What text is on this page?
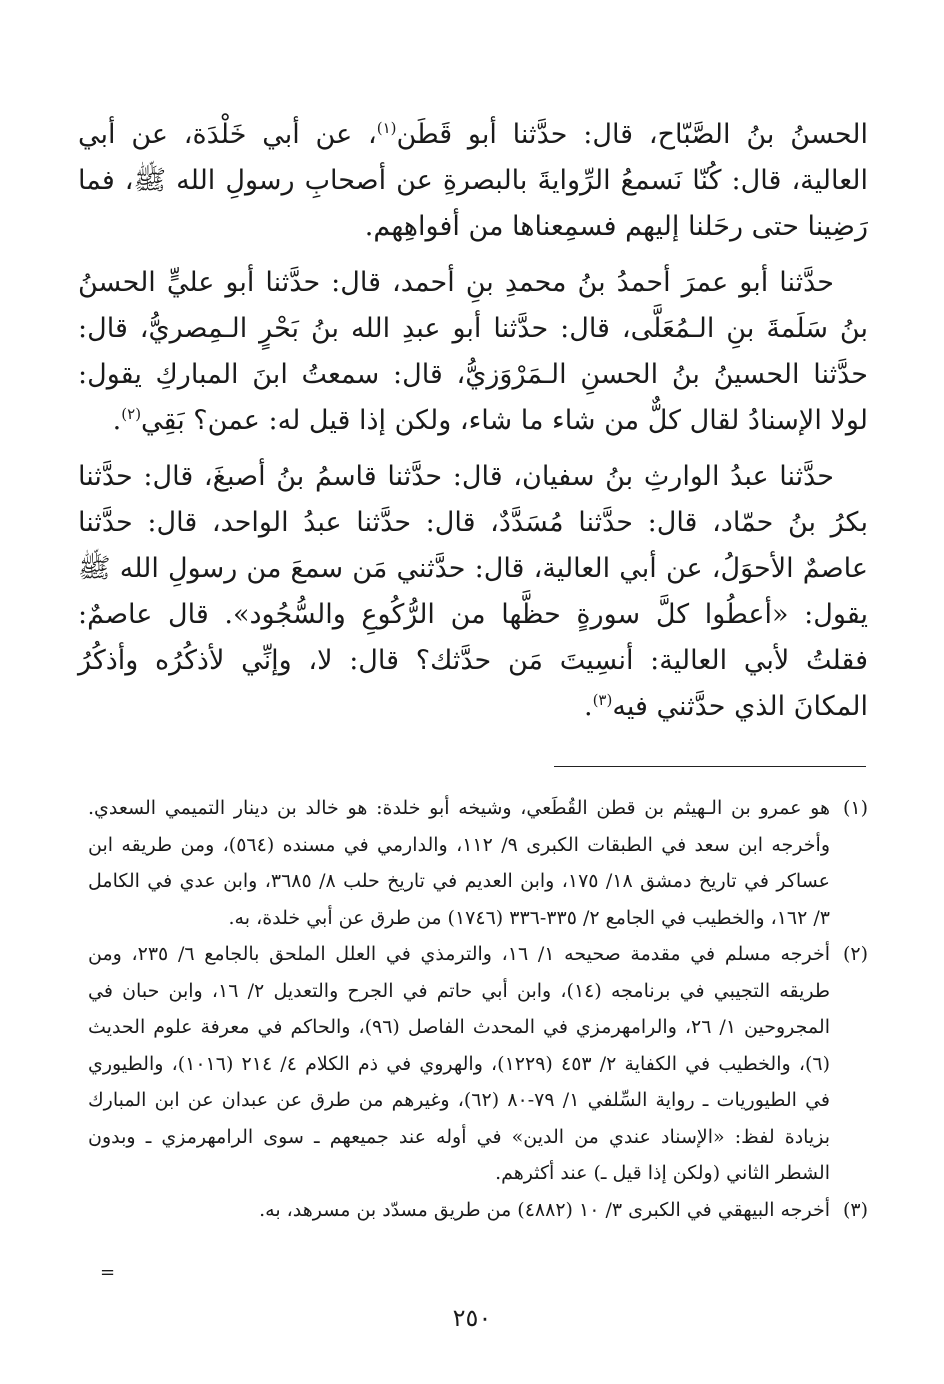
الحسنُ بنُ الصَّبّاح، قال: حدَّثنا أبو قَطَن$^{(١)}$، عن أبي خَلْدَة، عن أبي العالية، قال: كُنّا نَسمعُ الرِّوايةَ بالبصرةِ عن أصحابِ رسولِ الله ﷺ، فما رَضِينا حتى رحَلنا إليهم فسمِعناها من أفواهِهم.

حدَّثنا أبو عمرَ أحمدُ بنُ محمدِ بنِ أحمد، قال: حدَّثنا أبو عليٍّ الحسنُ بنُ سَلَمةَ بنِ الـمُعَلَّى، قال: حدَّثنا أبو عبدِ الله بنُ بَحْرٍ الـمِصريُّ، قال: حدَّثنا الحسينُ بنُ الحسنِ الـمَرْوَزيُّ، قال: سمعتُ ابنَ المباركِ يقول: لولا الإسنادُ لقال كلٌّ من شاء ما شاء، ولكن إذا قيل له: عمن؟ بَقِي$^{(٢)}$.

حدَّثنا عبدُ الوارثِ بنُ سفيان، قال: حدَّثنا قاسمُ بنُ أصبغَ، قال: حدَّثنا بكرُ بنُ حمّاد، قال: حدَّثنا مُسَدَّدٌ، قال: حدَّثنا عبدُ الواحد، قال: حدَّثنا عاصمٌ الأحوَلُ، عن أبي العالية، قال: حدَّثني مَن سمعَ من رسولِ الله ﷺ يقول: «أعطُوا كلَّ سورةٍ حظَّها من الرُّكُوعِ والسُّجُود». قال عاصمٌ: فقلتُ لأبي العالية: أنسِيتَ مَن حدَّثك؟ قال: لا، وإنِّي لأذكُرُه وأذكُرُ المكانَ الذي حدَّثني فيه$^{(٣)}$.

(١)هو عمرو بن الـهيثم بن قطن القُطَعي، وشيخه أبو خلدة: هو خالد بن دينار التميمي السعدي. وأخرجه ابن سعد في الطبقات الكبرى ٩/ ١١٢، والدارمي في مسنده (٥٦٤)، ومن طريقه ابن عساكر في تاريخ دمشق ١٨/ ١٧٥، وابن العديم في تاريخ حلب ٨/ ٣٦٨٥، وابن عدي في الكامل ٣/ ١٦٢، والخطيب في الجامع ٢/ ٣٣٥-٣٣٦ (١٧٤٦) من طرق عن أبي خلدة، به.

(٢)أخرجه مسلم في مقدمة صحيحه ١/ ١٦، والترمذي في العلل الملحق بالجامع ٦/ ٢٣٥، ومن طريقه التجيبي في برنامجه (١٤)، وابن أبي حاتم في الجرح والتعديل ٢/ ١٦، وابن حبان في المجروحين ١/ ٢٦، والرامهرمزي في المحدث الفاصل (٩٦)، والحاكم في معرفة علوم الحديث (٦)، والخطيب في الكفاية ٢/ ٤٥٣ (١٢٢٩)، والهروي في ذم الكلام ٤/ ٢١٤ (١٠١٦)، والطيوري في الطيوريات ـ رواية السِّلفي ١/ ٧٩-٨٠ (٦٢)، وغيرهم من طرق عن عبدان عن ابن المبارك بزيادة لفظ: «الإسناد عندي من الدين» في أوله عند جميعهم ـ سوى الرامهرمزي ـ وبدون الشطر الثاني (ولكن إذا قيل ـ) عند أكثرهم.

(٣)أخرجه البيهقي في الكبرى ٣/ ١٠ (٤٨٨٢) من طريق مسدّد بن مسرهد، به.

=
٢٥٠
